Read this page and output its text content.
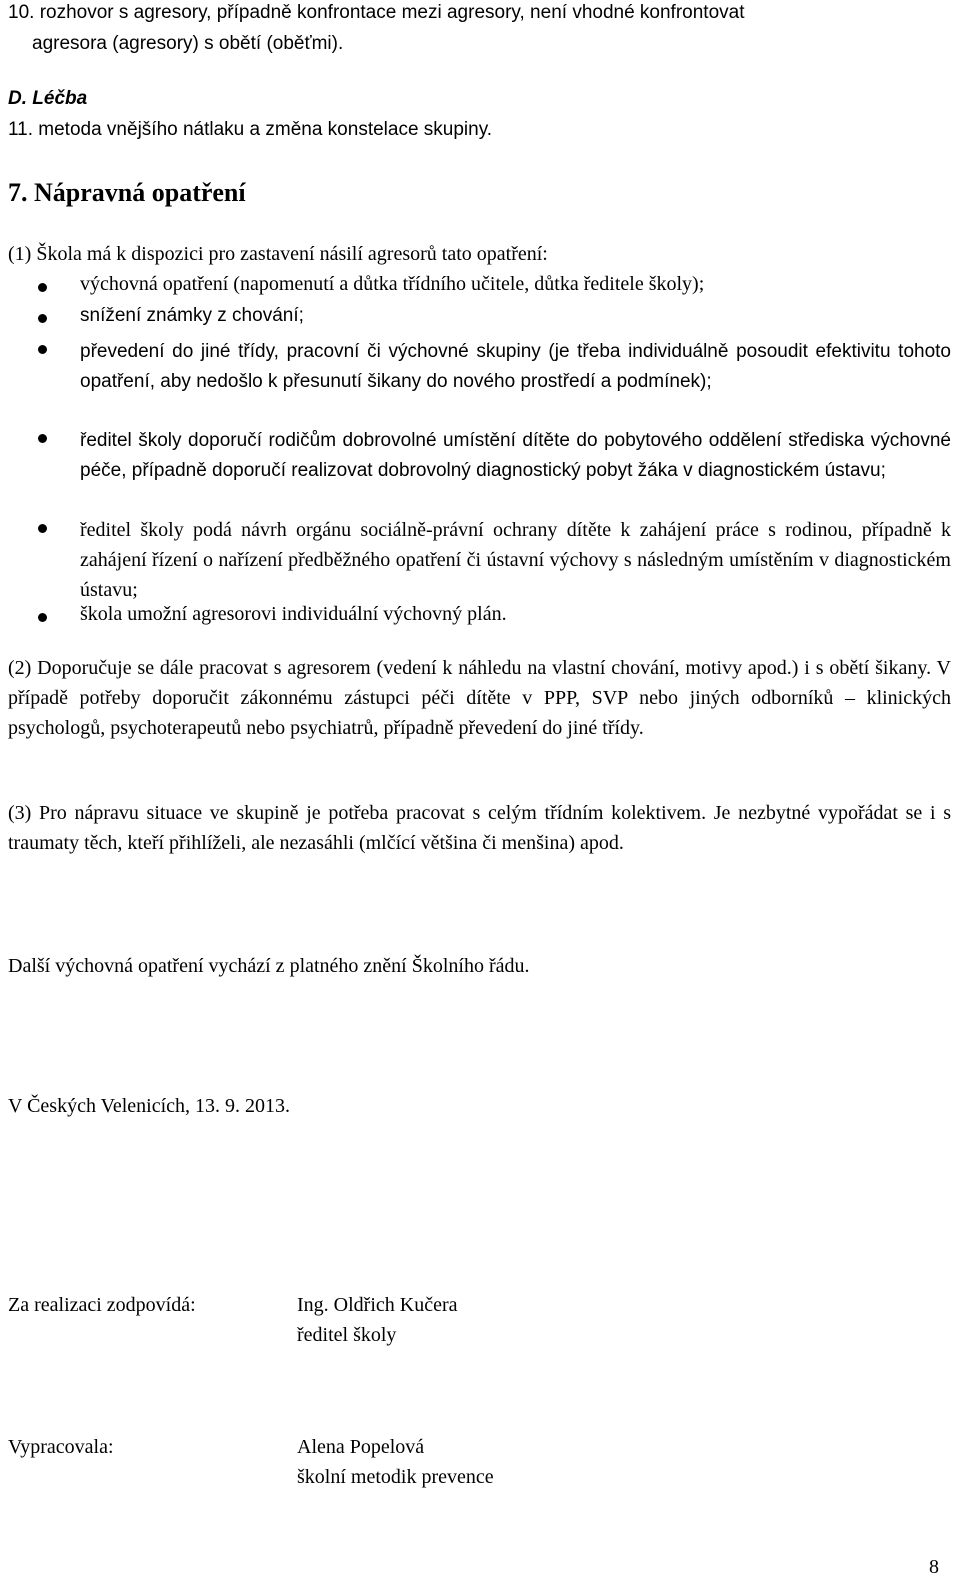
10. rozhovor s agresory, případně konfrontace mezi agresory, není vhodné konfrontovat
agresora (agresory) s obětí (oběťmi).
D. Léčba
11. metoda vnějšího nátlaku a změna konstelace skupiny.
7. Nápravná opatření
(1) Škola má k dispozici pro zastavení násilí agresorů tato opatření:
výchovná opatření (napomenutí a důtka třídního učitele, důtka ředitele školy);
snížení známky z chování;
převedení do jiné třídy, pracovní či výchovné skupiny (je třeba individuálně posoudit efektivitu tohoto opatření, aby nedošlo k přesunutí šikany do nového prostředí a podmínek);
ředitel školy doporučí rodičům dobrovolné umístění dítěte do pobytového oddělení střediska výchovné péče, případně doporučí realizovat dobrovolný diagnostický pobyt žáka v diagnostickém ústavu;
ředitel školy podá návrh orgánu sociálně-právní ochrany dítěte k zahájení práce s rodinou, případně k zahájení řízení o nařízení předběžného opatření či ústavní výchovy s následným umístěním v diagnostickém ústavu;
škola umožní agresorovi individuální výchovný plán.
(2) Doporučuje se dále pracovat s agresorem (vedení k náhledu na vlastní chování, motivy apod.) i s obětí šikany. V případě potřeby doporučit zákonnému zástupci péči dítěte v PPP, SVP nebo jiných odborníků – klinických psychologů, psychoterapeutů nebo psychiatrů, případně převedení do jiné třídy.
(3) Pro nápravu situace ve skupině je potřeba pracovat s celým třídním kolektivem. Je nezbytné vypořádat se i s traumaty těch, kteří přihlíželi, ale nezasáhli (mlčící většina či menšina) apod.
Další výchovná opatření vychází z platného znění Školního řádu.
V Českých Velenicích, 13. 9. 2013.
Za realizaci zodpovídá:	Ing. Oldřich Kučera
ředitel školy
Vypracovala:	Alena Popelová
školní metodik prevence
8
